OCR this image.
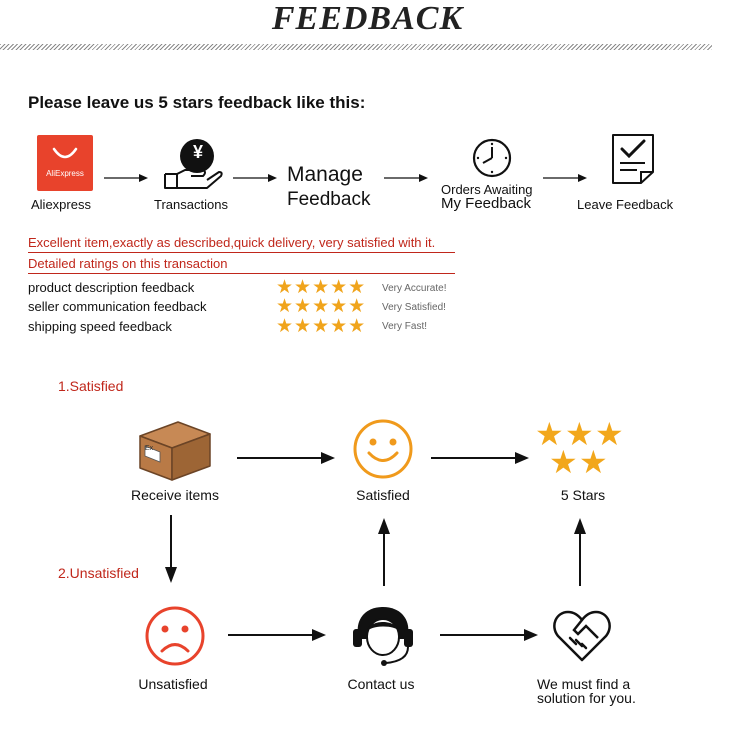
FEEDBACK
Please leave us 5 stars feedback like this:
AliExpress
Aliexpress
¥
Transactions
Manage
Feedback	Orders Awaiting
My Feedback	Leave Feedback
Excellent item,exactly as described,quick delivery, very satisfied with it.
Detailed ratings on this transaction
product description feedback	★★★★★ Very Accurate!
seller communication feedback	★★★★★ Very Satisfied!
shipping speed feedback	★★★★★ Very Fast!
1.Satisfied
Ex
Receive items	Satisfied
★ ★ ★
★ ★
5 Stars
2.Unsatisfied
Unsatisfied	Contact us	We must find a solution for you.
